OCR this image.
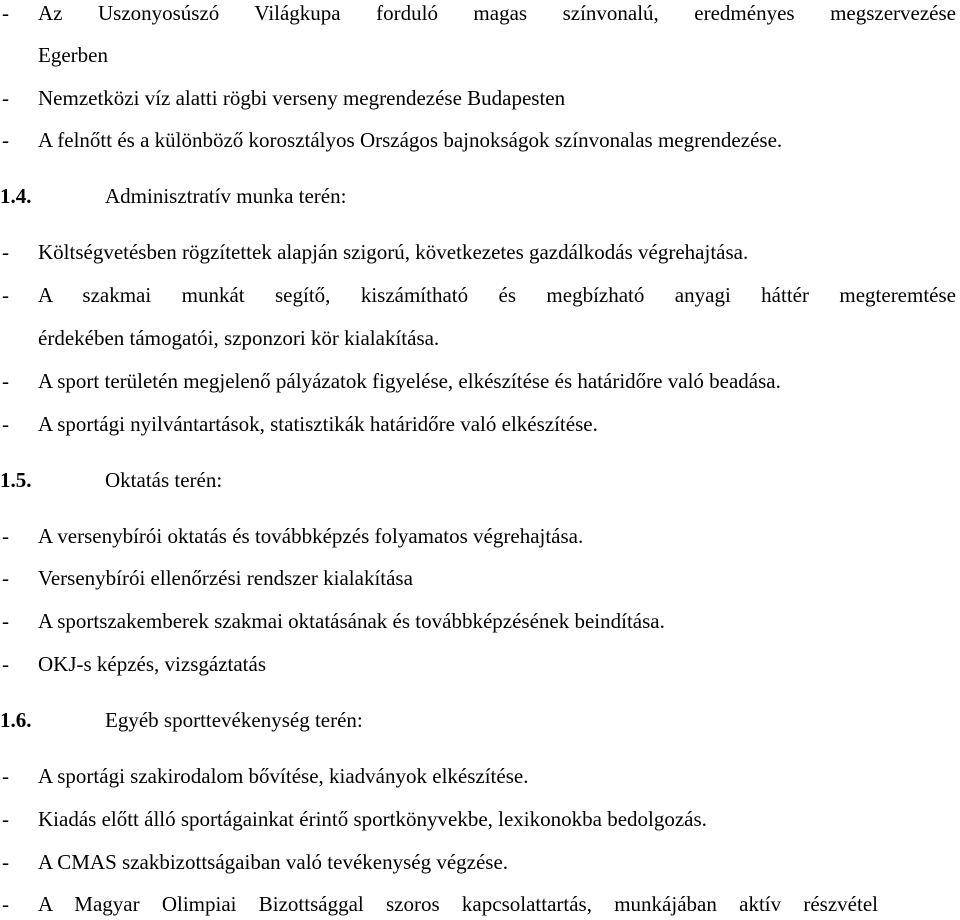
- Az Uszonyosúszó Világkupa forduló magas színvonalú, eredményes megszervezése
Egerben
- Nemzetközi víz alatti rögbi verseny megrendezése Budapesten
- A felnőtt és a különböző korosztályos Országos bajnokságok színvonalas megrendezése.
1.4.	Adminisztratív munka terén:
- Költségvetésben rögzítettek alapján szigorú, következetes gazdálkodás végrehajtása.
- A szakmai munkát segítő, kiszámítható és megbízható anyagi háttér megteremtése
érdekében támogatói, szponzori kör kialakítása.
- A sport területén megjelenő pályázatok figyelése, elkészítése és határidőre való beadása.
- A sportági nyilvántartások, statisztikák határidőre való elkészítése.
1.5.	Oktatás terén:
- A versenybírói oktatás és továbbképzés folyamatos végrehajtása.
- Versenybírói ellenőrzési rendszer kialakítása
- A sportszakemberek szakmai oktatásának és továbbképzésének beindítása.
- OKJ-s képzés, vizsgáztatás
1.6.	Egyéb sporttevékenység terén:
- A sportági szakirodalom bővítése, kiadványok elkészítése.
- Kiadás előtt álló sportágainkat érintő sportkönyvekbe, lexikonokba bedolgozás.
- A CMAS szakbizottságaiban való tevékenység végzése.
- A Magyar Olimpiai Bizottsággal szoros kapcsolattartás, munkájában aktív részvétel
